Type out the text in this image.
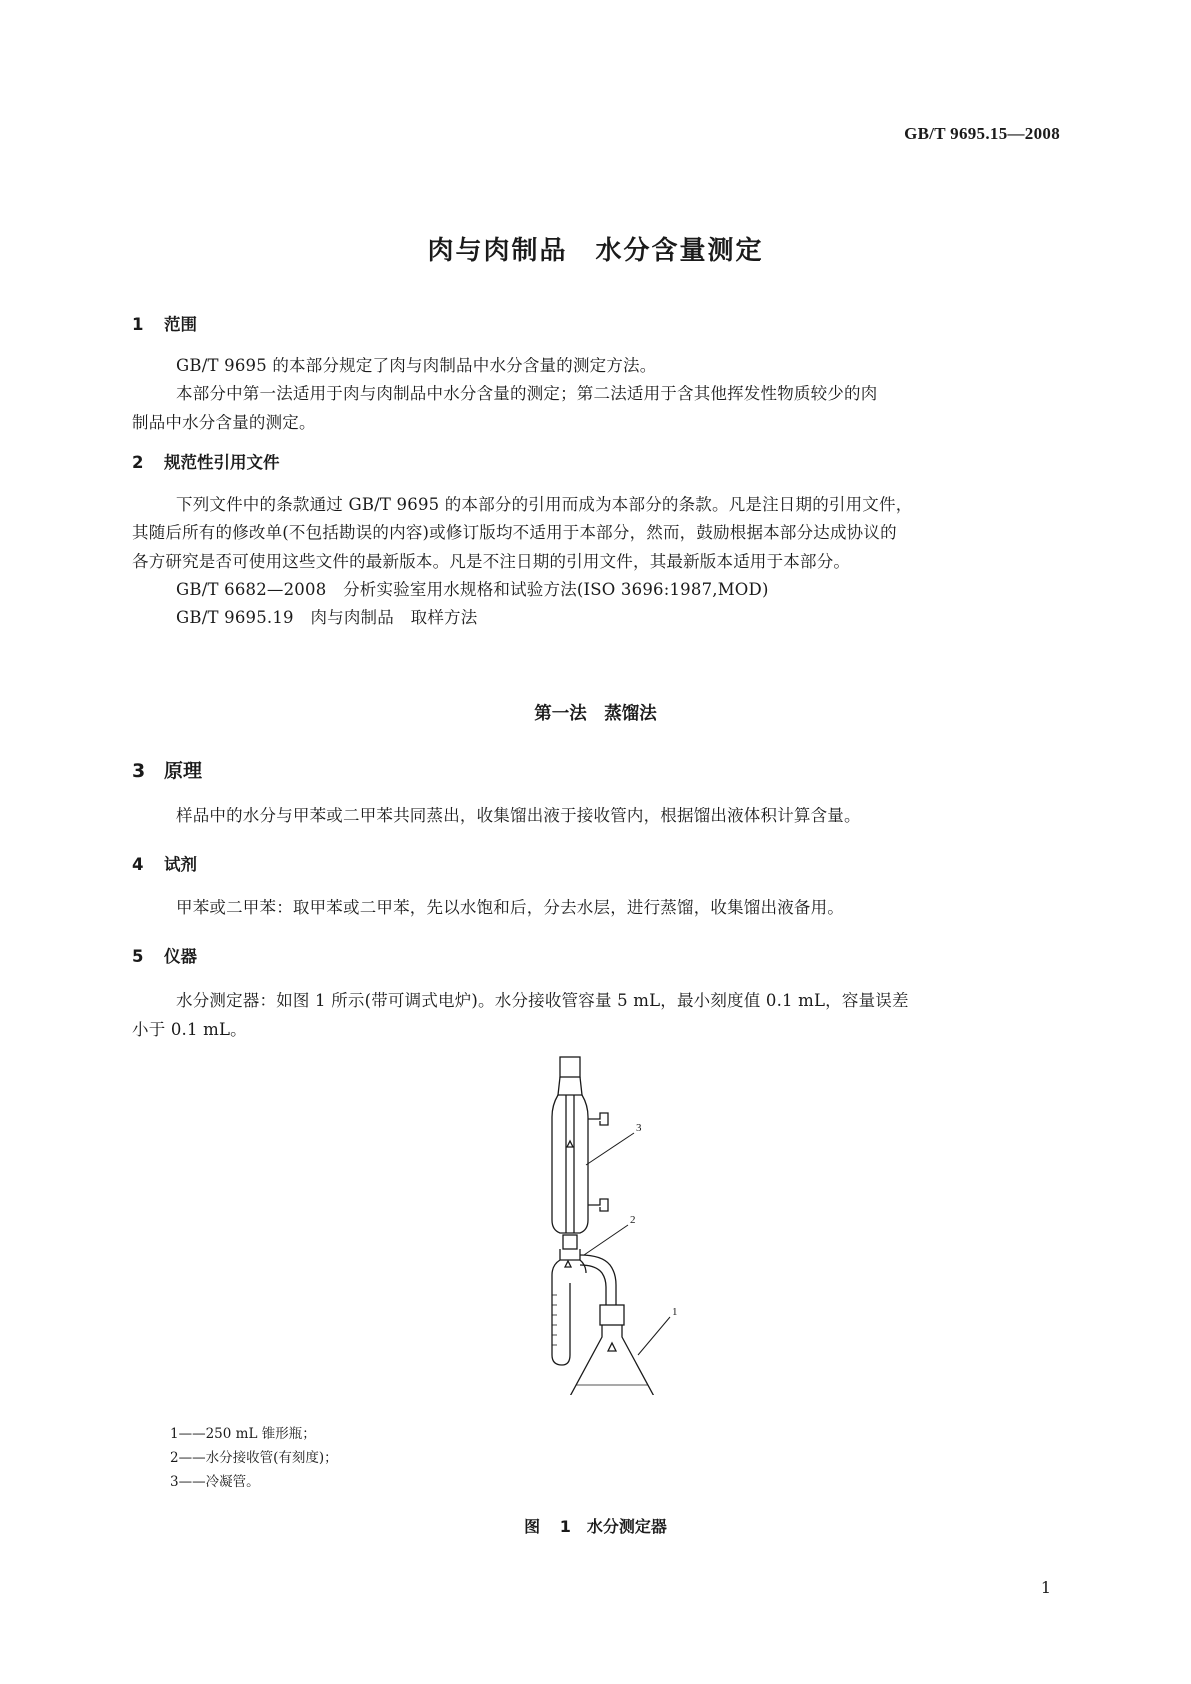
GB/T 9695.15—2008
肉与肉制品　水分含量测定
1 范围
GB/T 9695 的本部分规定了肉与肉制品中水分含量的测定方法。
本部分中第一法适用于肉与肉制品中水分含量的测定；第二法适用于含其他挥发性物质较少的肉
制品中水分含量的测定。
2 规范性引用文件
下列文件中的条款通过 GB/T 9695 的本部分的引用而成为本部分的条款。凡是注日期的引用文件，
其随后所有的修改单(不包括勘误的内容)或修订版均不适用于本部分，然而，鼓励根据本部分达成协议的
各方研究是否可使用这些文件的最新版本。凡是不注日期的引用文件，其最新版本适用于本部分。
GB/T 6682—2008　分析实验室用水规格和试验方法(ISO 3696:1987,MOD)
GB/T 9695.19　肉与肉制品　取样方法
第一法　蒸馏法
3 原理
样品中的水分与甲苯或二甲苯共同蒸出，收集馏出液于接收管内，根据馏出液体积计算含量。
4 试剂
甲苯或二甲苯：取甲苯或二甲苯，先以水饱和后，分去水层，进行蒸馏，收集馏出液备用。
5 仪器
水分测定器：如图 1 所示(带可调式电炉)。水分接收管容量 5 mL，最小刻度值 0.1 mL，容量误差
小于 0.1 mL。
3
2
1
1——250 mL 锥形瓶；
2——水分接收管(有刻度)；
3——冷凝管。
图 1　水分测定器
1
